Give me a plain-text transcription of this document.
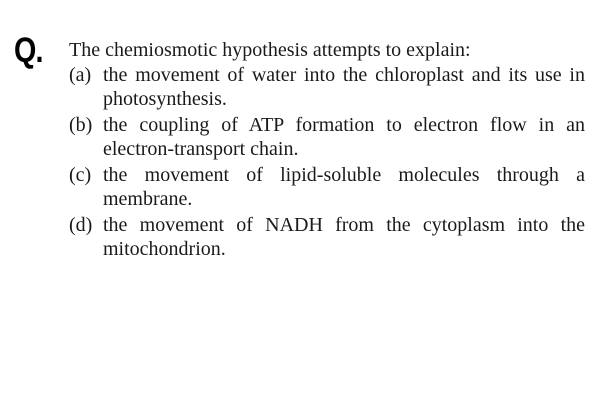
Q. The chemiosmotic hypothesis attempts to explain:
(a) the movement of water into the chloroplast and its use in photosynthesis.
(b) the coupling of ATP formation to electron flow in an electron-transport chain.
(c) the movement of lipid-soluble molecules through a membrane.
(d) the movement of NADH from the cytoplasm into the mitochondrion.
